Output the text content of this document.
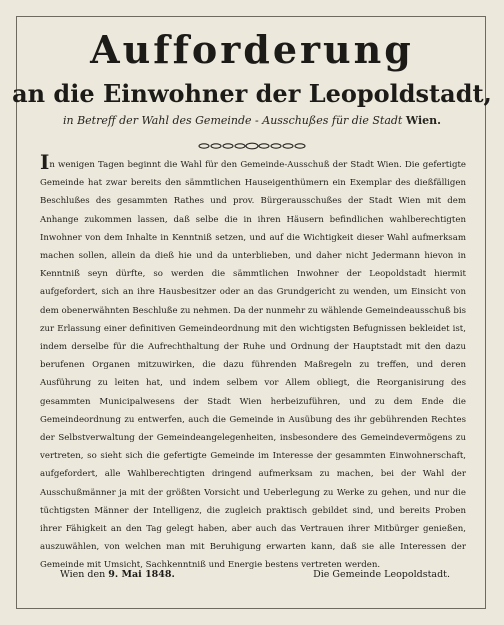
Aufforderung
an die Einwohner der Leopoldstadt,
in Betreff der Wahl des Gemeinde - Ausschußes für die Stadt Wien.
In wenigen Tagen beginnt die Wahl für den Gemeinde-Ausschuß der Stadt Wien. Die gefertigte Gemeinde hat zwar bereits den sämmtlichen Hauseigenthümern ein Exemplar des dießfälligen Beschlußes des gesammten Rathes und prov. Bürgerausschußes der Stadt Wien mit dem Anhange zukommen lassen, daß selbe die in ihren Häusern befindlichen wahlberechtigten Inwohner von dem Inhalte in Kenntniß setzen, und auf die Wichtigkeit dieser Wahl aufmerksam machen sollen, allein da dieß hie und da unterblieben, und daher nicht Jedermann hievon in Kenntniß seyn dürfte, so werden die sämmtlichen Inwohner der Leopoldstadt hiermit aufgefordert, sich an ihre Hausbesitzer oder an das Grundgericht zu wenden, um Einsicht von dem obenerwähnten Beschluße zu nehmen. Da der nunmehr zu wählende Gemeindeausschuß bis zur Erlassung einer definitiven Gemeindeordnung mit den wichtigsten Befugnissen bekleidet ist, indem derselbe für die Aufrechthaltung der Ruhe und Ordnung der Hauptstadt mit den dazu berufenen Organen mitzuwirken, die dazu führenden Maßregeln zu treffen, und deren Ausführung zu leiten hat, und indem selbem vor Allem obliegt, die Reorganisirung des gesammten Municipalwesens der Stadt Wien herbeizuführen, und zu dem Ende die Gemeindeordnung zu entwerfen, auch die Gemeinde in Ausübung des ihr gebührenden Rechtes der Selbstverwaltung der Gemeindeangelegenheiten, insbesondere des Gemeindevermögens zu vertreten, so sieht sich die gefertigte Gemeinde im Interesse der gesammten Einwohnerschaft, aufgefordert, alle Wahlberechtigten dringend aufmerksam zu machen, bei der Wahl der Ausschußmänner ja mit der größten Vorsicht und Ueberlegung zu Werke zu gehen, und nur die tüchtigsten Männer der Intelligenz, die zugleich praktisch gebildet sind, und bereits Proben ihrer Fähigkeit an den Tag gelegt haben, aber auch das Vertrauen ihrer Mitbürger genießen, auszuwählen, von welchen man mit Beruhigung erwarten kann, daß sie alle Interessen der Gemeinde mit Umsicht, Sachkenntniß und Energie bestens vertreten werden.
Wien den 9. Mai 1848.	Die Gemeinde Leopoldstadt.
